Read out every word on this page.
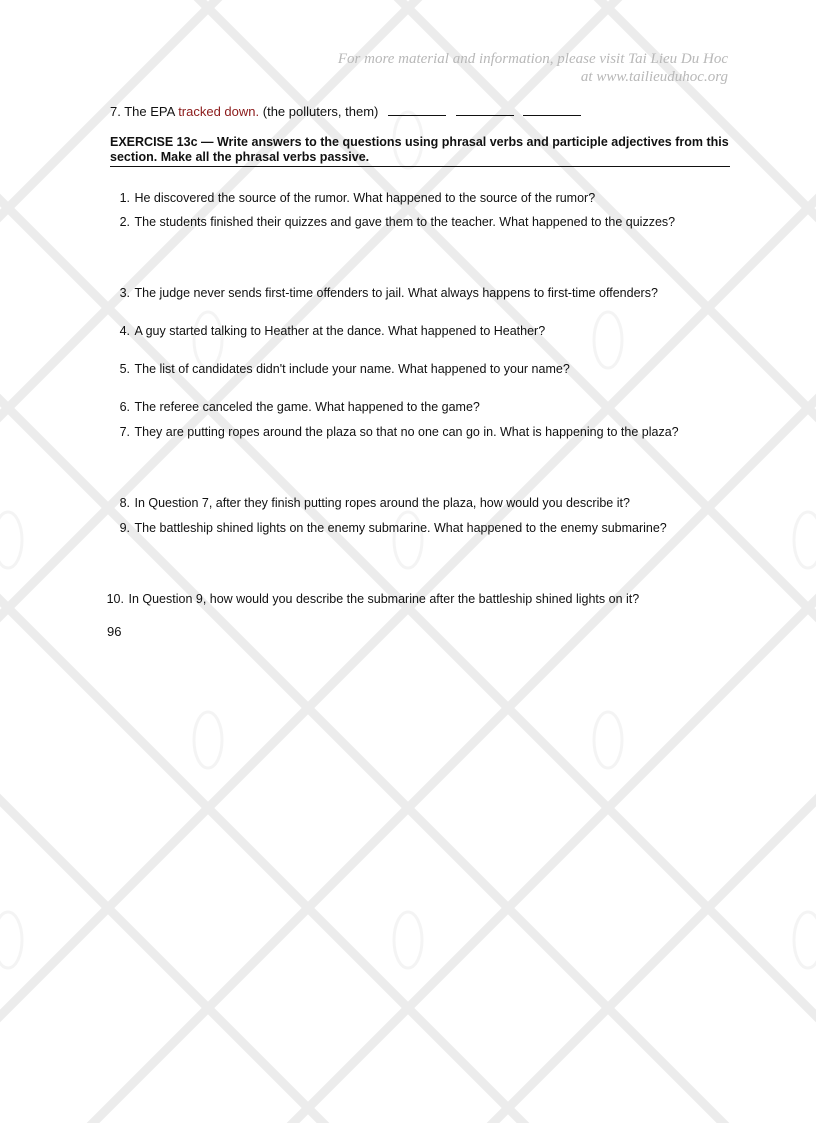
For more material and information, please visit Tai Lieu Du Hoc
at www.tailieuduhoc.org
7. The EPA tracked down. (the polluters, them)
EXERCISE 13c — Write answers to the questions using phrasal verbs and participle adjectives from this section. Make all the phrasal verbs passive.
1. He discovered the source of the rumor. What happened to the source of the rumor?
2. The students finished their quizzes and gave them to the teacher. What happened to the quizzes?
3. The judge never sends first-time offenders to jail. What always happens to first-time offenders?
4. A guy started talking to Heather at the dance. What happened to Heather?
5. The list of candidates didn't include your name. What happened to your name?
6. The referee canceled the game. What happened to the game?
7. They are putting ropes around the plaza so that no one can go in. What is happening to the plaza?
8. In Question 7, after they finish putting ropes around the plaza, how would you describe it?
9. The battleship shined lights on the enemy submarine. What happened to the enemy submarine?
10. In Question 9, how would you describe the submarine after the battleship shined lights on it?
96
